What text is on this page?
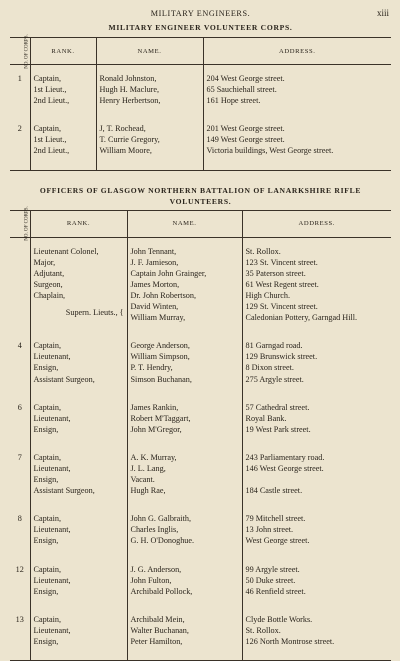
MILITARY ENGINEERS.	xiii
MILITARY ENGINEER VOLUNTEER CORPS.
NO. OF CORPS.	RANK.	NAME.	ADDRESS.

1	Captain,	Ronald Johnston,	204 West George street.
	1st Lieut.,	Hugh H. Maclure,	65 Sauchiehall street.
	2nd Lieut.,	Henry Herbertson,	161 Hope street.

2	Captain,	J, T. Rochead,	201 West George street.
	1st Lieut.,	T. Currie Gregory,	149 West George street.
	2nd Lieut.,	William Moore,	Victoria buildings, West George street.

OFFICERS OF GLASGOW NORTHERN BATTALION OF LANARKSHIRE RIFLE
VOLUNTEERS.
NO. OF CORPS.	RANK.	NAME.	ADDRESS.

	Lieutenant Colonel,	John Tennant,	St. Rollox.
	Major,	J. F. Jamieson,	123 St. Vincent street.
	Adjutant,	Captain John Grainger,	35 Paterson street.
	Surgeon,	James Morton,	61 West Regent street.
	Chaplain,	Dr. John Robertson,	High Church.
	Supern. Lieuts., {	David Winten,	129 St. Vincent street.
		William Murray,	Caledonian Pottery, Garngad Hill.

4	Captain,	George Anderson,	81 Garngad road.
	Lieutenant,	William Simpson,	129 Brunswick street.
	Ensign,	P. T. Hendry,	8 Dixon street.
	Assistant Surgeon,	Simson Buchanan,	275 Argyle street.

6	Captain,	James Rankin,	57 Cathedral street.
	Lieutenant,	Robert M'Taggart,	Royal Bank.
	Ensign,	John M'Gregor,	19 West Park street.

7	Captain,	A. K. Murray,	243 Parliamentary road.
	Lieutenant,	J. L. Lang,	146 West George street.
	Ensign,	Vacant.	
	Assistant Surgeon,	Hugh Rae,	184 Castle street.

8	Captain,	John G. Galbraith,	79 Mitchell street.
	Lieutenant,	Charles Inglis,	13 John street.
	Ensign,	G. H. O'Donoghue.	West George street.

12	Captain,	J. G. Anderson,	99 Argyle street.
	Lieutenant,	John Fulton,	50 Duke street.
	Ensign,	Archibald Pollock,	46 Renfield street.

13	Captain,	Archibald Mein,	Clyde Bottle Works.
	Lieutenant,	Walter Buchanan,	St. Rollox.
	Ensign,	Peter Hamilton,	126 North Montrose street.
